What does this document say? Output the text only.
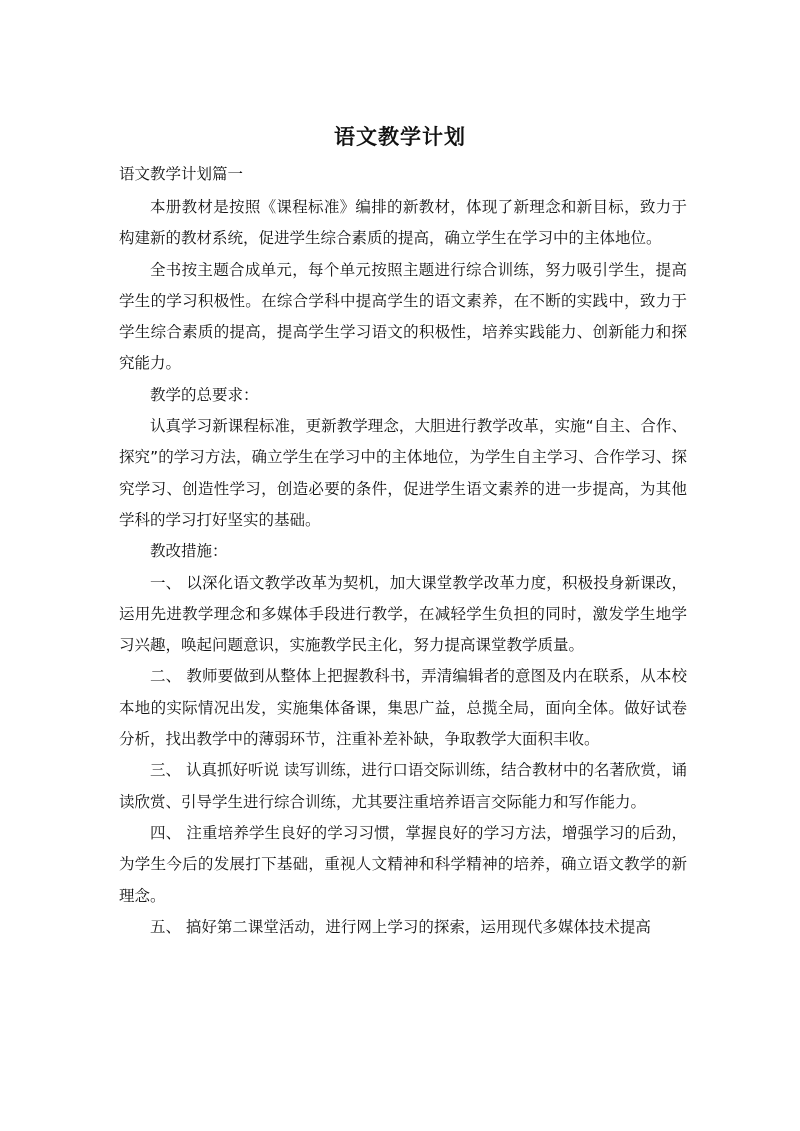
语文教学计划

语文教学计划篇一

本册教材是按照《课程标准》编排的新教材，体现了新理念和新目标，致力于构建新的教材系统，促进学生综合素质的提高，确立学生在学习中的主体地位。

全书按主题合成单元，每个单元按照主题进行综合训练，努力吸引学生，提高学生的学习积极性。在综合学科中提高学生的语文素养，在不断的实践中，致力于学生综合素质的提高，提高学生学习语文的积极性，培养实践能力、创新能力和探究能力。

教学的总要求：

认真学习新课程标准，更新教学理念，大胆进行教学改革，实施“自主、合作、探究”的学习方法，确立学生在学习中的主体地位，为学生自主学习、合作学习、探究学习、创造性学习，创造必要的条件，促进学生语文素养的进一步提高，为其他学科的学习打好坚实的基础。

教改措施：

一、 以深化语文教学改革为契机，加大课堂教学改革力度，积极投身新课改，运用先进教学理念和多媒体手段进行教学，在减轻学生负担的同时，激发学生地学习兴趣，唤起问题意识，实施教学民主化，努力提高课堂教学质量。

二、 教师要做到从整体上把握教科书，弄清编辑者的意图及内在联系，从本校本地的实际情况出发，实施集体备课，集思广益，总揽全局，面向全体。做好试卷分析，找出教学中的薄弱环节，注重补差补缺，争取教学大面积丰收。

三、 认真抓好听说 读写训练，进行口语交际训练，结合教材中的名著欣赏，诵读欣赏、引导学生进行综合训练，尤其要注重培养语言交际能力和写作能力。

四、 注重培养学生良好的学习习惯，掌握良好的学习方法，增强学习的后劲，为学生今后的发展打下基础，重视人文精神和科学精神的培养，确立语文教学的新理念。

五、 搞好第二课堂活动，进行网上学习的探索，运用现代多媒体技术提高
